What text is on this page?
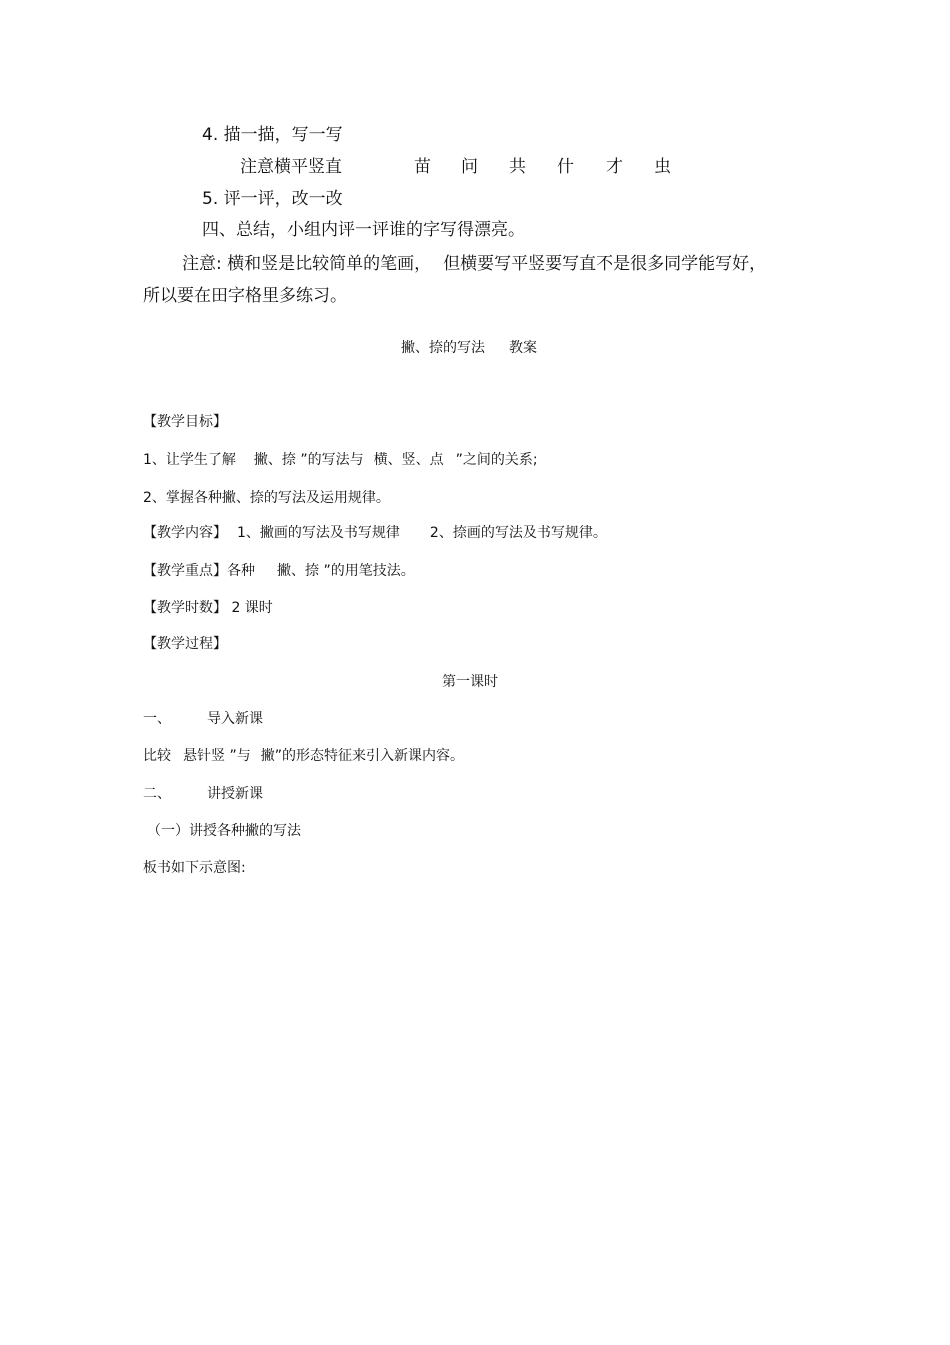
4. 描一描，写一写
注意横平竖直	苗 问 共 什 才 虫
5. 评一评，改一改
四、总结，小组内评一评谁的字写得漂亮。
注意: 横和竖是比较简单的笔画， 但横要写平竖要写直不是很多同学能写好，
所以要在田字格里多练习。
撇、捺的写法 教案
【教学目标】
1、让学生了解 撇、捺 ”的写法与 横、竖、点 ”之间的关系;
2、掌握各种撇、捺的写法及运用规律。
【教学内容】 1、撇画的写法及书写规律 2、捺画的写法及书写规律。
【教学重点】各种 撇、捺 ”的用笔技法。
【教学时数】 2 课时
【教学过程】
第一课时
一、	导入新课
比较 悬针竖 ”与 撇”的形态特征来引入新课内容。
二、	讲授新课
（一）讲授各种撇的写法
板书如下示意图:
